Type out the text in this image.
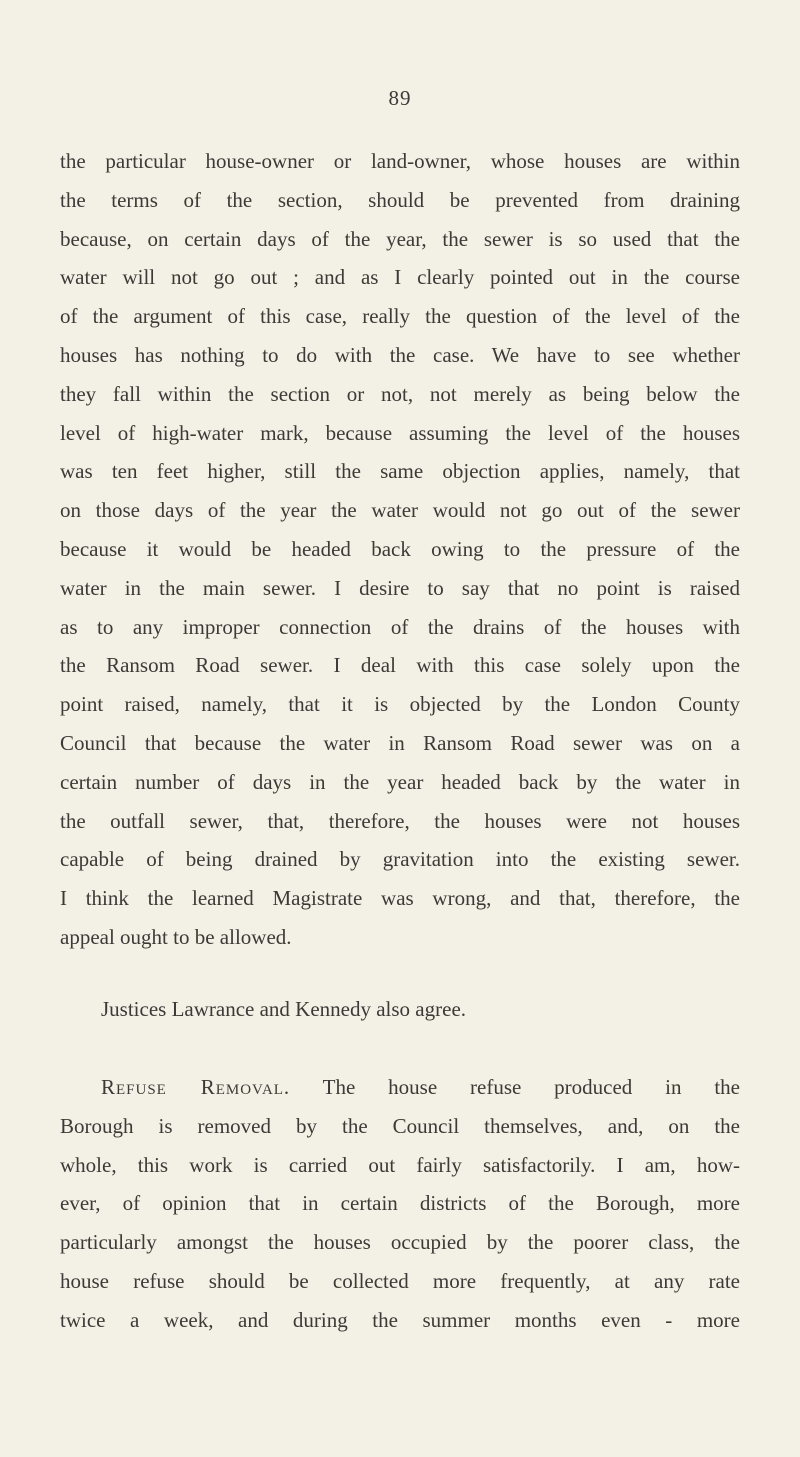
89
the particular house-owner or land-owner, whose houses are within
the terms of the section, should be prevented from draining
because, on certain days of the year, the sewer is so used that the
water will not go out ; and as I clearly pointed out in the course
of the argument of this case, really the question of the level of the
houses has nothing to do with the case. We have to see whether
they fall within the section or not, not merely as being below the
level of high-water mark, because assuming the level of the houses
was ten feet higher, still the same objection applies, namely, that
on those days of the year the water would not go out of the sewer
because it would be headed back owing to the pressure of the
water in the main sewer. I desire to say that no point is raised
as to any improper connection of the drains of the houses with
the Ransom Road sewer. I deal with this case solely upon the
point raised, namely, that it is objected by the London County
Council that because the water in Ransom Road sewer was on a
certain number of days in the year headed back by the water in
the outfall sewer, that, therefore, the houses were not houses
capable of being drained by gravitation into the existing sewer.
I think the learned Magistrate was wrong, and that, therefore, the
appeal ought to be allowed.
Justices Lawrance and Kennedy also agree.
Refuse Removal. The house refuse produced in the
Borough is removed by the Council themselves, and, on the
whole, this work is carried out fairly satisfactorily. I am, how-
ever, of opinion that in certain districts of the Borough, more
particularly amongst the houses occupied by the poorer class, the
house refuse should be collected more frequently, at any rate
twice a week, and during the summer months even - more
